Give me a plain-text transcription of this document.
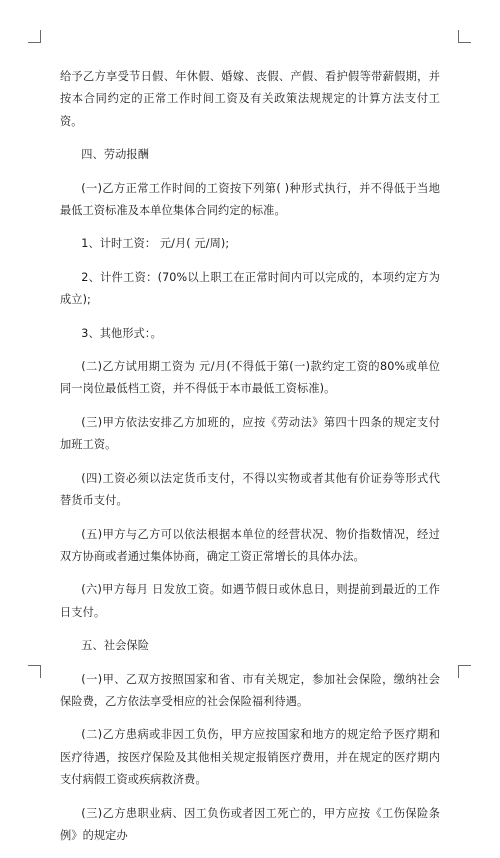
给予乙方享受节日假、年休假、婚嫁、丧假、产假、看护假等带薪假期，并按本合同约定的正常工作时间工资及有关政策法规规定的计算方法支付工资。

四、劳动报酬

(一)乙方正常工作时间的工资按下列第( )种形式执行，并不得低于当地最低工资标准及本单位集体合同约定的标准。

1、计时工资： 元/月( 元/周);

2、计件工资：(70%以上职工在正常时间内可以完成的，本项约定方为成立);

3、其他形式：。

(二)乙方试用期工资为 元/月(不得低于第(一)款约定工资的80%或单位同一岗位最低档工资，并不得低于本市最低工资标准)。

(三)甲方依法安排乙方加班的，应按《劳动法》第四十四条的规定支付加班工资。

(四)工资必须以法定货币支付，不得以实物或者其他有价证券等形式代替货币支付。

(五)甲方与乙方可以依法根据本单位的经营状况、物价指数情况，经过双方协商或者通过集体协商，确定工资正常增长的具体办法。

(六)甲方每月 日发放工资。如遇节假日或休息日，则提前到最近的工作日支付。

五、社会保险

(一)甲、乙双方按照国家和省、市有关规定，参加社会保险，缴纳社会保险费，乙方依法享受相应的社会保险福利待遇。

(二)乙方患病或非因工负伤，甲方应按国家和地方的规定给予医疗期和医疗待遇，按医疗保险及其他相关规定报销医疗费用，并在规定的医疗期内支付病假工资或疾病救济费。

(三)乙方患职业病、因工负伤或者因工死亡的，甲方应按《工伤保险条例》的规定办
